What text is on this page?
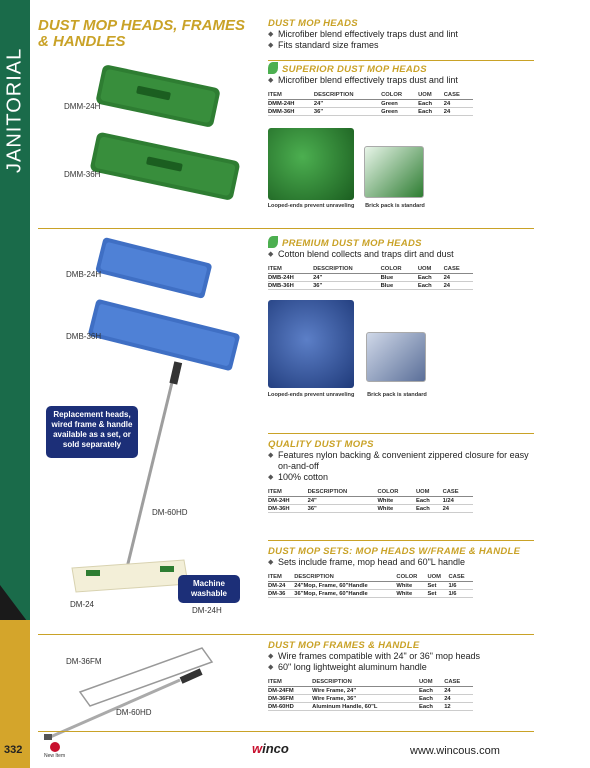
JANITORIAL
332
DUST MOP HEADS, FRAMES & HANDLES
DMM-24H
DMM-36H
DMB-24H
DMB-36H
Replacement heads, wired frame & handle available as a set, or sold separately
DM-60HD
DM-24
Machine washable
DM-24H
DM-36FM
DM-60HD
DUST MOP HEADS
◆ Microfiber blend effectively traps dust and lint
◆ Fits standard size frames
SUPERIOR DUST MOP HEADS
◆ Microfiber blend effectively traps dust and lint
ITEM	DESCRIPTION	COLOR	UOM	CASE
DMM-24H	24"	Green	Each	24
DMM-36H	36"	Green	Each	24
Looped-ends prevent unraveling Brick pack is standard
PREMIUM DUST MOP HEADS
◆ Cotton blend collects and traps dirt and dust
ITEM	DESCRIPTION	COLOR	UOM	CASE
DMB-24H	24"	Blue	Each	24
DMB-36H	36"	Blue	Each	24
Looped-ends prevent unraveling Brick pack is standard
QUALITY DUST MOPS
◆ Features nylon backing & convenient zippered closure for easy on-and-off
◆ 100% cotton
ITEM	DESCRIPTION	COLOR	UOM	CASE
DM-24H	24"	White	Each	1/24
DM-36H	36"	White	Each	24
DUST MOP SETS: MOP HEADS W/FRAME & HANDLE
◆ Sets include frame, mop head and 60"L handle
ITEM	DESCRIPTION	COLOR	UOM	CASE
DM-24	24"Mop, Frame, 60"Handle	White	Set	1/6
DM-36	36"Mop, Frame, 60"Handle	White	Set	1/6
DUST MOP FRAMES & HANDLE
◆ Wire frames compatible with 24" or 36" mop heads
◆ 60" long lightweight aluminum handle
ITEM	DESCRIPTION	UOM	CASE
DM-24FM	Wire Frame, 24"	Each	24
DM-36FM	Wire Frame, 36"	Each	24
DM-60HD	Aluminum Handle, 60"L	Each	12
New Item	winco	www.wincous.com
